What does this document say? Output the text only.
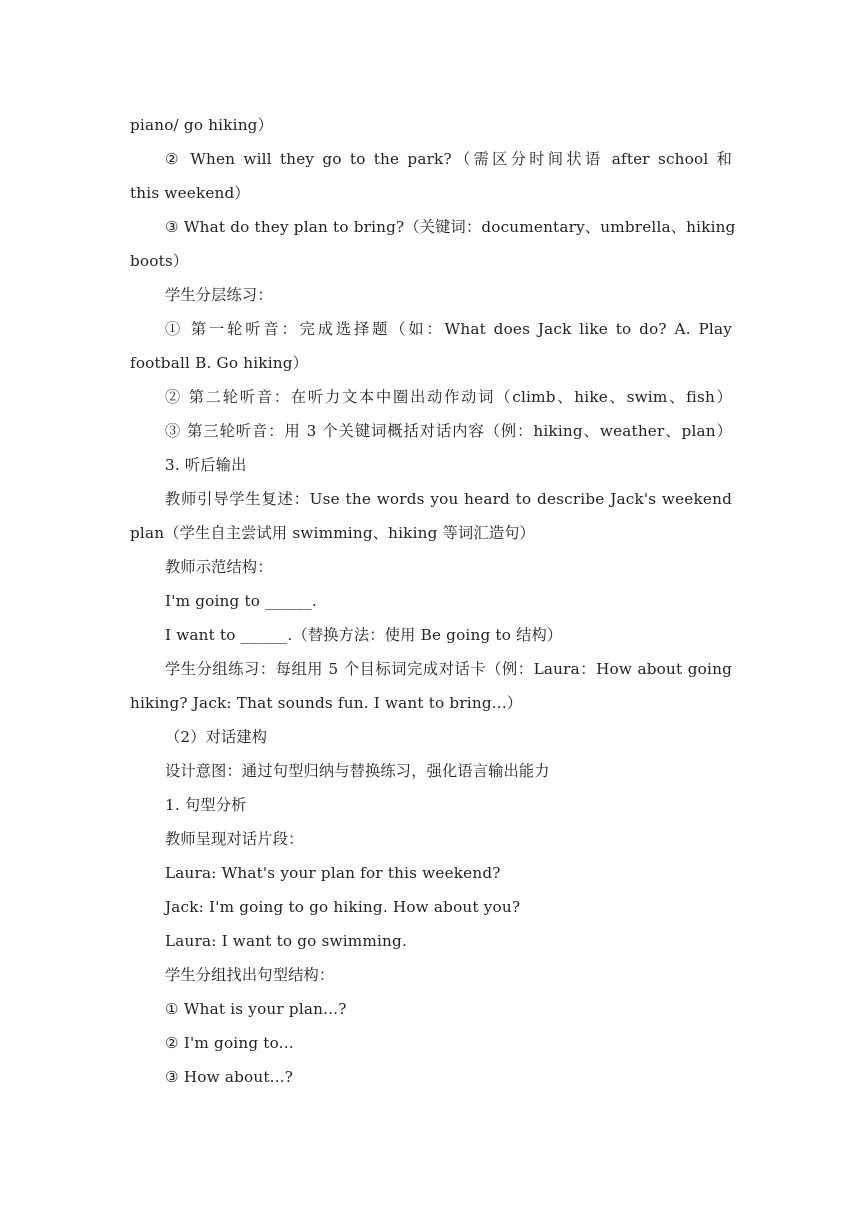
piano/ go hiking）
② When will they go to the park?（需区分时间状语 after school 和
this weekend）
③ What do they plan to bring?（关键词：documentary、umbrella、hiking
boots）
学生分层练习：
① 第一轮听音：完成选择题（如：What does Jack like to do? A. Play
football B. Go hiking）
② 第二轮听音：在听力文本中圈出动作动词（climb、hike、swim、fish）
③ 第三轮听音：用 3 个关键词概括对话内容（例：hiking、weather、plan）
3. 听后输出
教师引导学生复述：Use the words you heard to describe Jack's weekend
plan（学生自主尝试用 swimming、hiking 等词汇造句）
教师示范结构：
I'm going to ______.
I want to ______.（替换方法：使用 Be going to 结构）
学生分组练习：每组用 5 个目标词完成对话卡（例：Laura：How about going
hiking? Jack: That sounds fun. I want to bring...）
（2）对话建构
设计意图：通过句型归纳与替换练习，强化语言输出能力
1. 句型分析
教师呈现对话片段：
Laura: What's your plan for this weekend?
Jack: I'm going to go hiking. How about you?
Laura: I want to go swimming.
学生分组找出句型结构：
① What is your plan...?
② I'm going to...
③ How about...?
